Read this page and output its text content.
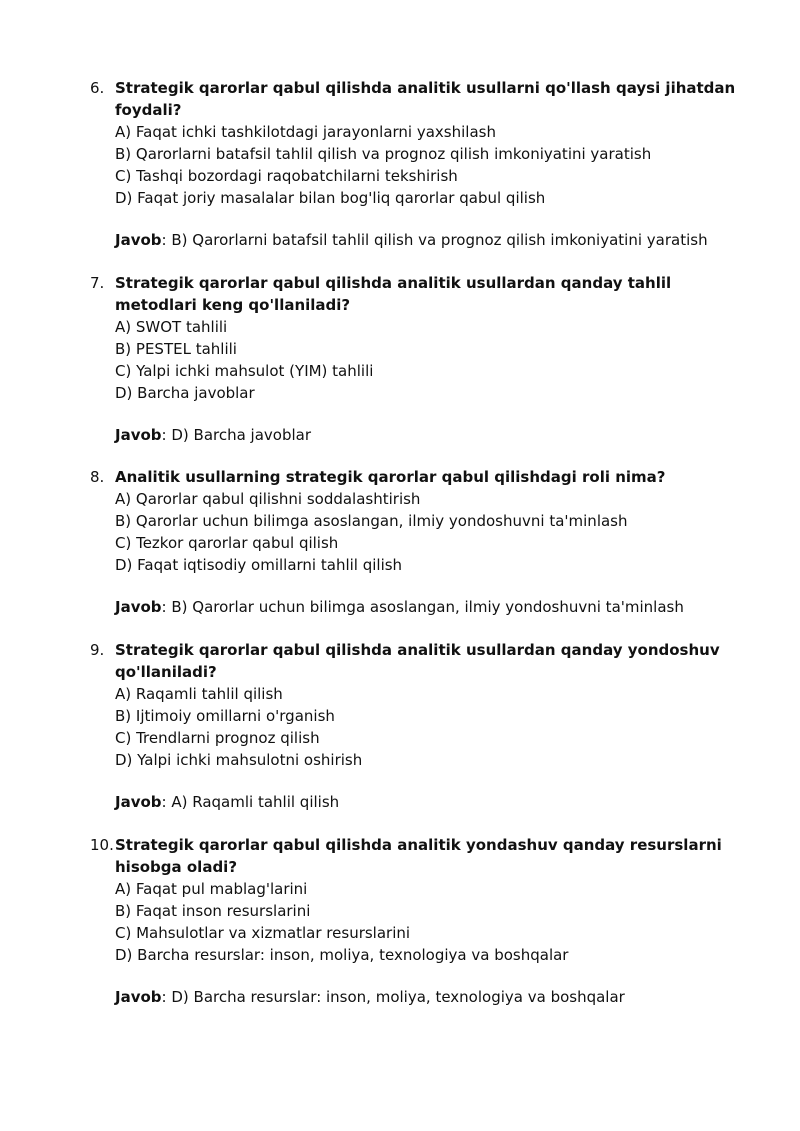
6. Strategik qarorlar qabul qilishda analitik usullarni qo'llash qaysi jihatdan foydali?
A) Faqat ichki tashkilotdagi jarayonlarni yaxshilash
B) Qarorlarni batafsil tahlil qilish va prognoz qilish imkoniyatini yaratish
C) Tashqi bozordagi raqobatchilarni tekshirish
D) Faqat joriy masalalar bilan bog'liq qarorlar qabul qilish
Javob: B) Qarorlarni batafsil tahlil qilish va prognoz qilish imkoniyatini yaratish
7. Strategik qarorlar qabul qilishda analitik usullardan qanday tahlil metodlari keng qo'llaniladi?
A) SWOT tahlili
B) PESTEL tahlili
C) Yalpi ichki mahsulot (YIM) tahlili
D) Barcha javoblar
Javob: D) Barcha javoblar
8. Analitik usullarning strategik qarorlar qabul qilishdagi roli nima?
A) Qarorlar qabul qilishni soddalashtirish
B) Qarorlar uchun bilimga asoslangan, ilmiy yondoshuvni ta'minlash
C) Tezkor qarorlar qabul qilish
D) Faqat iqtisodiy omillarni tahlil qilish
Javob: B) Qarorlar uchun bilimga asoslangan, ilmiy yondoshuvni ta'minlash
9. Strategik qarorlar qabul qilishda analitik usullardan qanday yondoshuv qo'llaniladi?
A) Raqamli tahlil qilish
B) Ijtimoiy omillarni o'rganish
C) Trendlarni prognoz qilish
D) Yalpi ichki mahsulotni oshirish
Javob: A) Raqamli tahlil qilish
10. Strategik qarorlar qabul qilishda analitik yondashuv qanday resurslarni hisobga oladi?
A) Faqat pul mablag'larini
B) Faqat inson resurslarini
C) Mahsulotlar va xizmatlar resurslarini
D) Barcha resurslar: inson, moliya, texnologiya va boshqalar
Javob: D) Barcha resurslar: inson, moliya, texnologiya va boshqalar
